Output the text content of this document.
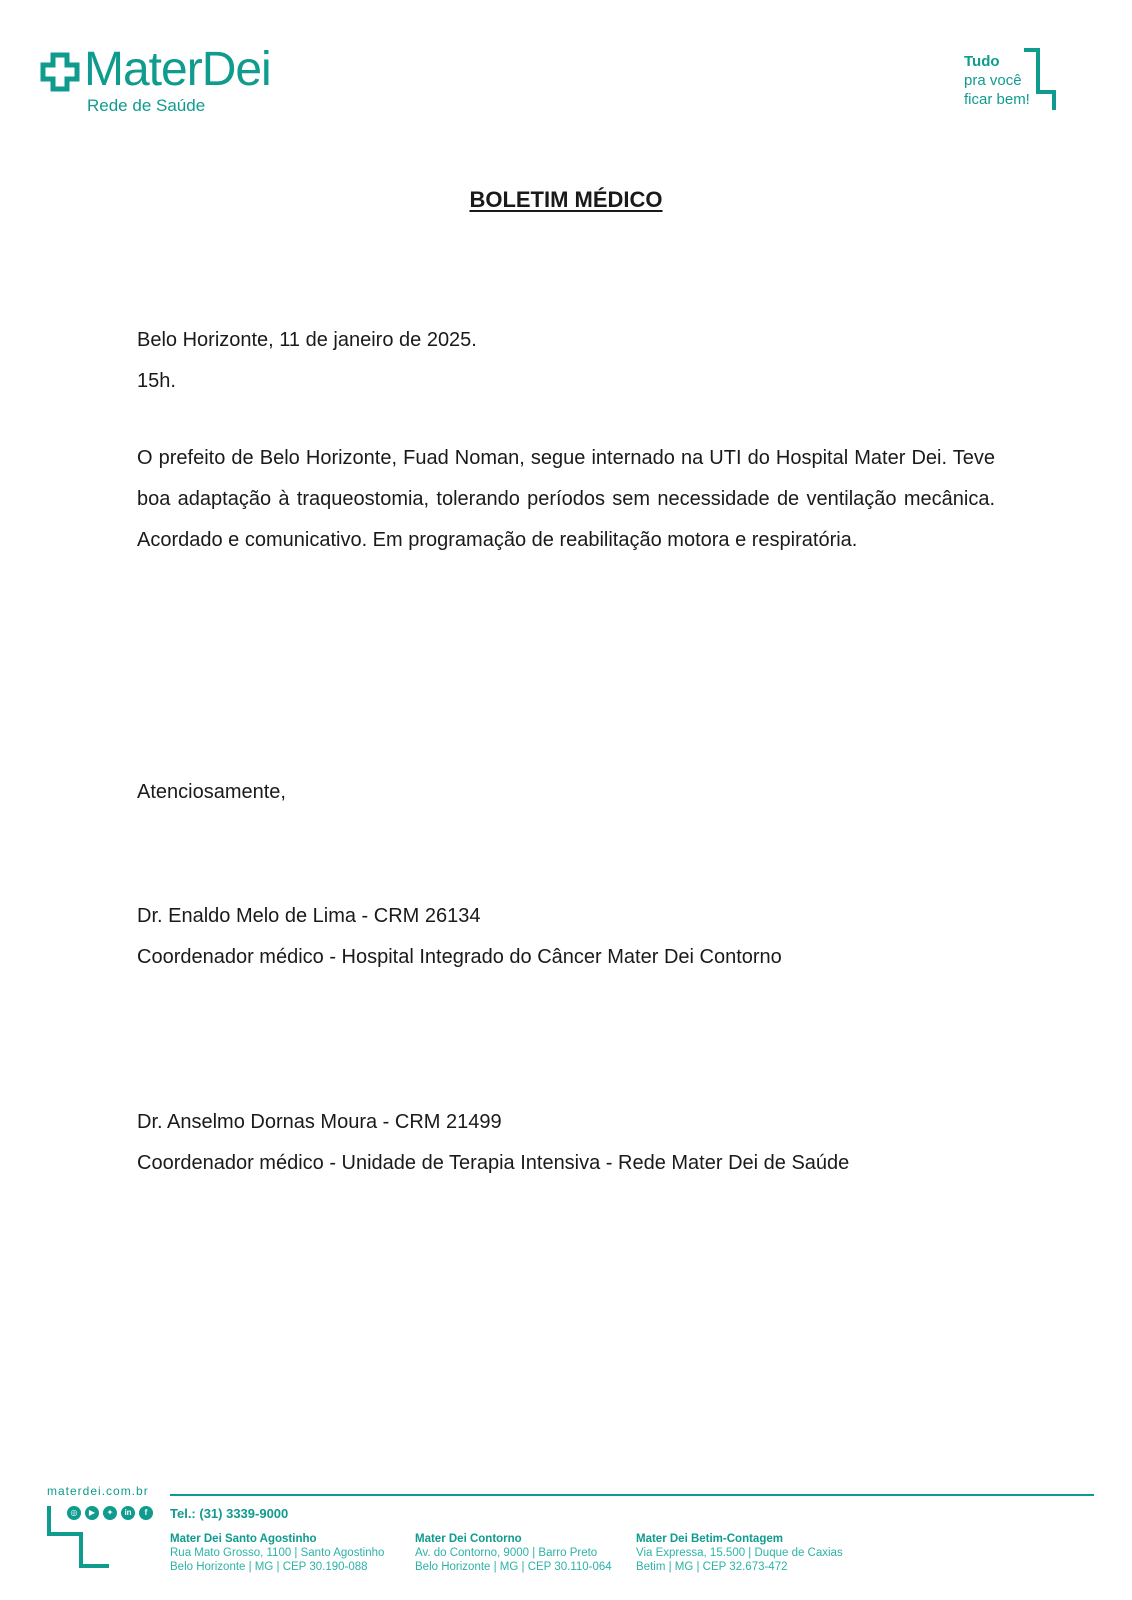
MaterDei
Rede de Saúde
Tudo
pra você
ficar bem!
BOLETIM MÉDICO

Belo Horizonte, 11 de janeiro de 2025.

15h.

O prefeito de Belo Horizonte, Fuad Noman, segue internado na UTI do Hospital Mater Dei. Teve boa adaptação à traqueostomia, tolerando períodos sem necessidade de ventilação mecânica. Acordado e comunicativo. Em programação de reabilitação motora e respiratória.

Atenciosamente,

Dr. Enaldo Melo de Lima - CRM 26134

Coordenador médico - Hospital Integrado do Câncer Mater Dei Contorno

Dr. Anselmo Dornas Moura - CRM 21499

Coordenador médico - Unidade de Terapia Intensiva - Rede Mater Dei de Saúde

materdei.com.br
◎	▶	✦	in	f	Tel.: (31) 3339-9000
Mater Dei Santo Agostinho
Rua Mato Grosso, 1100 | Santo Agostinho
Belo Horizonte | MG | CEP 30.190-088
Mater Dei Contorno
Av. do Contorno, 9000 | Barro Preto
Belo Horizonte | MG | CEP 30.110-064
Mater Dei Betim-Contagem
Via Expressa, 15.500 | Duque de Caxias
Betim | MG | CEP 32.673-472
